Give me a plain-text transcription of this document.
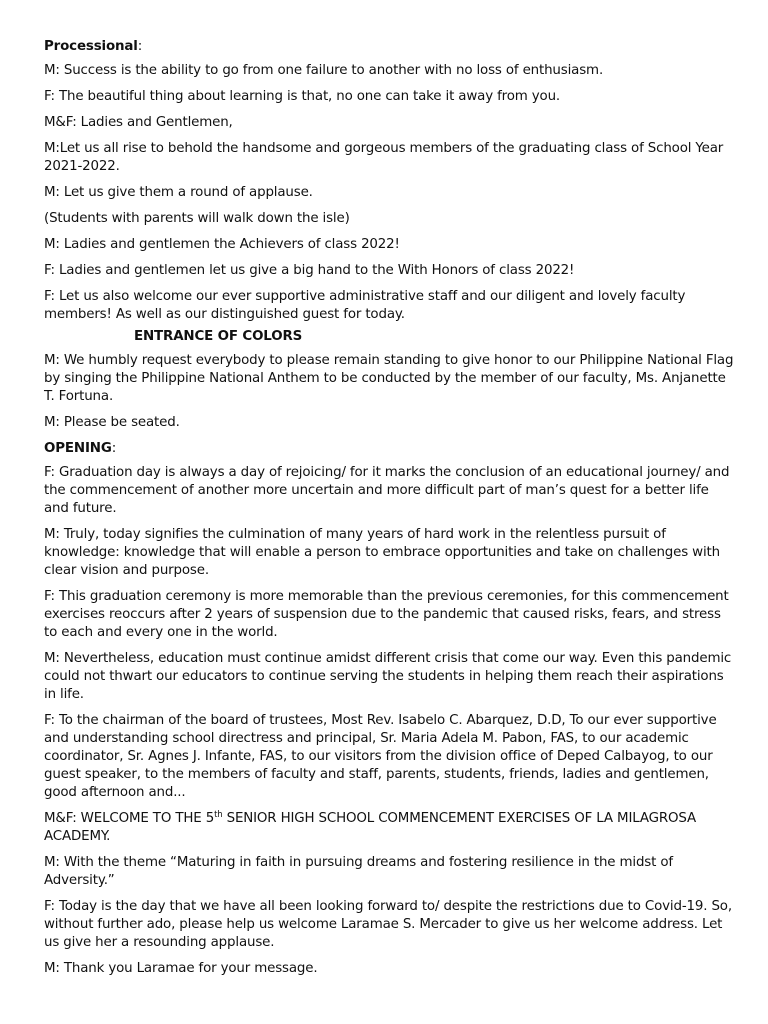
Processional:

M: Success is the ability to go from one failure to another with no loss of enthusiasm.

F: The beautiful thing about learning is that, no one can take it away from you.

M&F: Ladies and Gentlemen,

M:Let us all rise to behold the handsome and gorgeous members of the graduating class of School Year 2021-2022.

M: Let us give them a round of applause.

(Students with parents will walk down the isle)

M: Ladies and gentlemen the Achievers of class 2022!

F: Ladies and gentlemen let us give a big hand to the With Honors of class 2022!

F: Let us also welcome our ever supportive administrative staff and our diligent and lovely faculty members! As well as our distinguished guest for today.

ENTRANCE OF COLORS

M: We humbly request everybody to please remain standing to give honor to our Philippine National Flag by singing the Philippine National Anthem to be conducted by the member of our faculty, Ms. Anjanette T. Fortuna.

M: Please be seated.

OPENING:

F: Graduation day is always a day of rejoicing/ for it marks the conclusion of an educational journey/ and the commencement of another more uncertain and more difficult part of man’s quest for a better life and future.

M: Truly, today signifies the culmination of many years of hard work in the relentless pursuit of knowledge: knowledge that will enable a person to embrace opportunities and take on challenges with clear vision and purpose.

F: This graduation ceremony is more memorable than the previous ceremonies, for this commencement exercises reoccurs after 2 years of suspension due to the pandemic that caused risks, fears, and stress to each and every one in the world.

M: Nevertheless, education must continue amidst different crisis that come our way. Even this pandemic could not thwart our educators to continue serving the students in helping them reach their aspirations in life.

F: To the chairman of the board of trustees, Most Rev. Isabelo C. Abarquez, D.D, To our ever supportive and understanding school directress and principal, Sr. Maria Adela M. Pabon, FAS, to our academic coordinator, Sr. Agnes J. Infante, FAS, to our visitors from the division office of Deped Calbayog, to our guest speaker, to the members of faculty and staff, parents, students, friends, ladies and gentlemen, good afternoon and...

M&F: WELCOME TO THE 5th SENIOR HIGH SCHOOL COMMENCEMENT EXERCISES OF LA MILAGROSA ACADEMY.

M: With the theme “Maturing in faith in pursuing dreams and fostering resilience in the midst of Adversity.”

F: Today is the day that we have all been looking forward to/ despite the restrictions due to Covid-19. So, without further ado, please help us welcome Laramae S. Mercader to give us her welcome address. Let us give her a resounding applause.

M: Thank you Laramae for your message.
